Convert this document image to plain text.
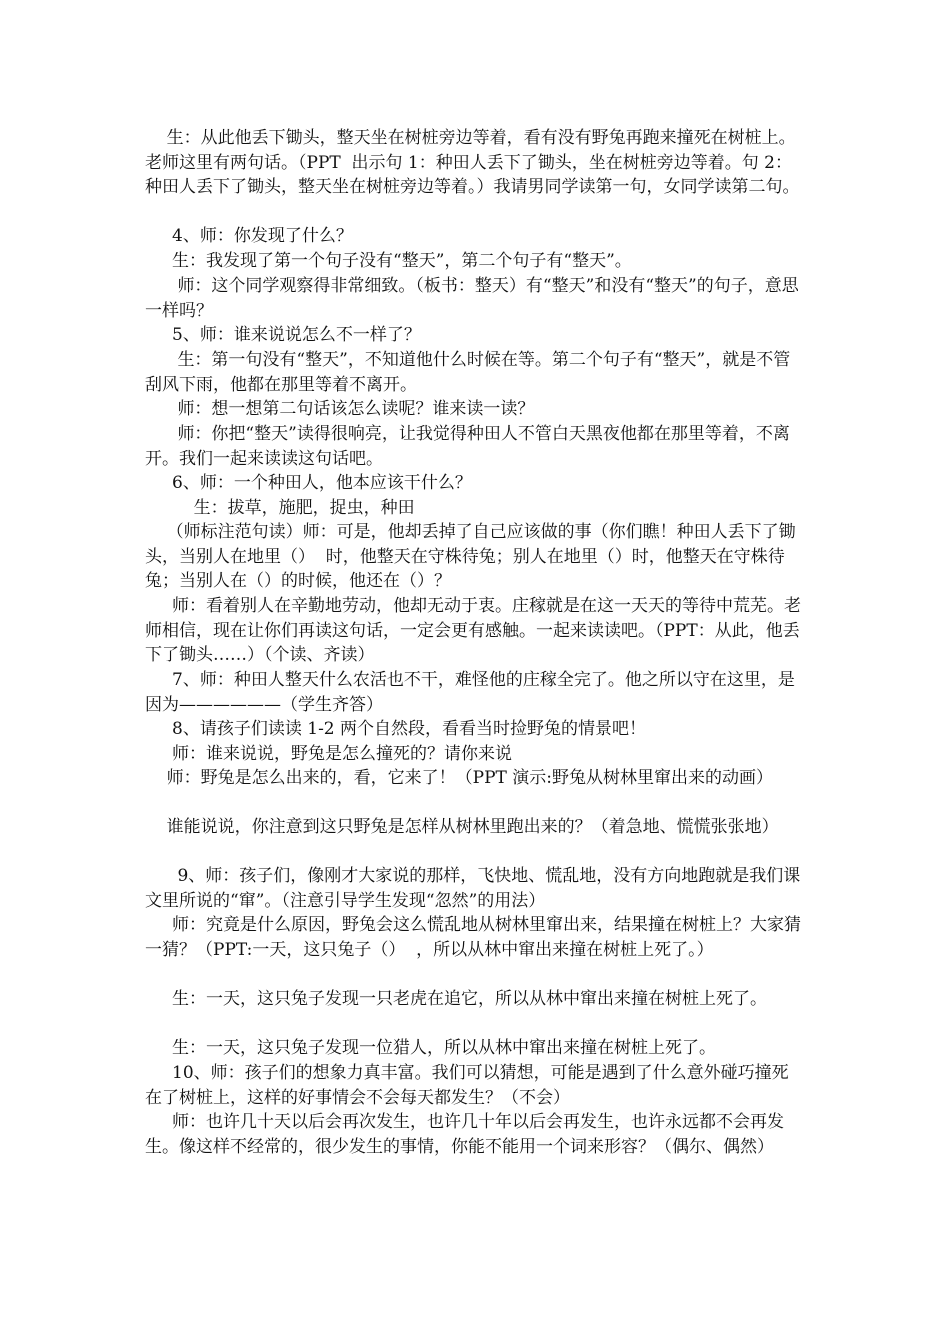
生：从此他丢下锄头，整天坐在树桩旁边等着，看有没有野兔再跑来撞死在树桩上。老师这里有两句话。（PPT  出示句 1：种田人丢下了锄头，坐在树桩旁边等着。句 2：种田人丢下了锄头，整天坐在树桩旁边等着。）我请男同学读第一句，女同学读第二句。

4、师：你发现了什么？

生：我发现了第一个句子没有“整天”，第二个句子有“整天”。

师：这个同学观察得非常细致。（板书：整天）有“整天”和没有“整天”的句子，意思一样吗？

5、师：谁来说说怎么不一样了？

生：第一句没有“整天”，不知道他什么时候在等。第二个句子有“整天”，就是不管刮风下雨，他都在那里等着不离开。

师：想一想第二句话该怎么读呢？谁来读一读？

师：你把“整天”读得很响亮，让我觉得种田人不管白天黑夜他都在那里等着，不离开。我们一起来读读这句话吧。

6、师：一个种田人，他本应该干什么？

生：拔草，施肥，捉虫，种田

（师标注范句读）师：可是，他却丢掉了自己应该做的事（你们瞧！种田人丢下了锄头，当别人在地里（）  时，他整天在守株待兔；别人在地里（）时，他整天在守株待兔；当别人在（）的时候，他还在（）？

师：看着别人在辛勤地劳动，他却无动于衷。庄稼就是在这一天天的等待中荒芜。老师相信，现在让你们再读这句话，一定会更有感触。一起来读读吧。（PPT：从此，他丢下了锄头……）（个读、齐读）

7、师：种田人整天什么农活也不干，难怪他的庄稼全完了。他之所以守在这里，是因为——————（学生齐答）

8、请孩子们读读 1-2 两个自然段，看看当时捡野兔的情景吧！

师：谁来说说，野兔是怎么撞死的？请你来说

师：野兔是怎么出来的，看，它来了！（PPT 演示:野兔从树林里窜出来的动画）

谁能说说，你注意到这只野兔是怎样从树林里跑出来的？（着急地、慌慌张张地）

9、师：孩子们，像刚才大家说的那样，飞快地、慌乱地，没有方向地跑就是我们课文里所说的“窜”。（注意引导学生发现“忽然”的用法）

师：究竟是什么原因，野兔会这么慌乱地从树林里窜出来，结果撞在树桩上？大家猜一猜？（PPT:一天，这只兔子（）  ，所以从林中窜出来撞在树桩上死了。）

生：一天，这只兔子发现一只老虎在追它，所以从林中窜出来撞在树桩上死了。

生：一天，这只兔子发现一位猎人，所以从林中窜出来撞在树桩上死了。

10、师：孩子们的想象力真丰富。我们可以猜想，可能是遇到了什么意外碰巧撞死在了树桩上，这样的好事情会不会每天都发生？（不会）

师：也许几十天以后会再次发生，也许几十年以后会再发生，也许永远都不会再发生。像这样不经常的，很少发生的事情，你能不能用一个词来形容？（偶尔、偶然）
